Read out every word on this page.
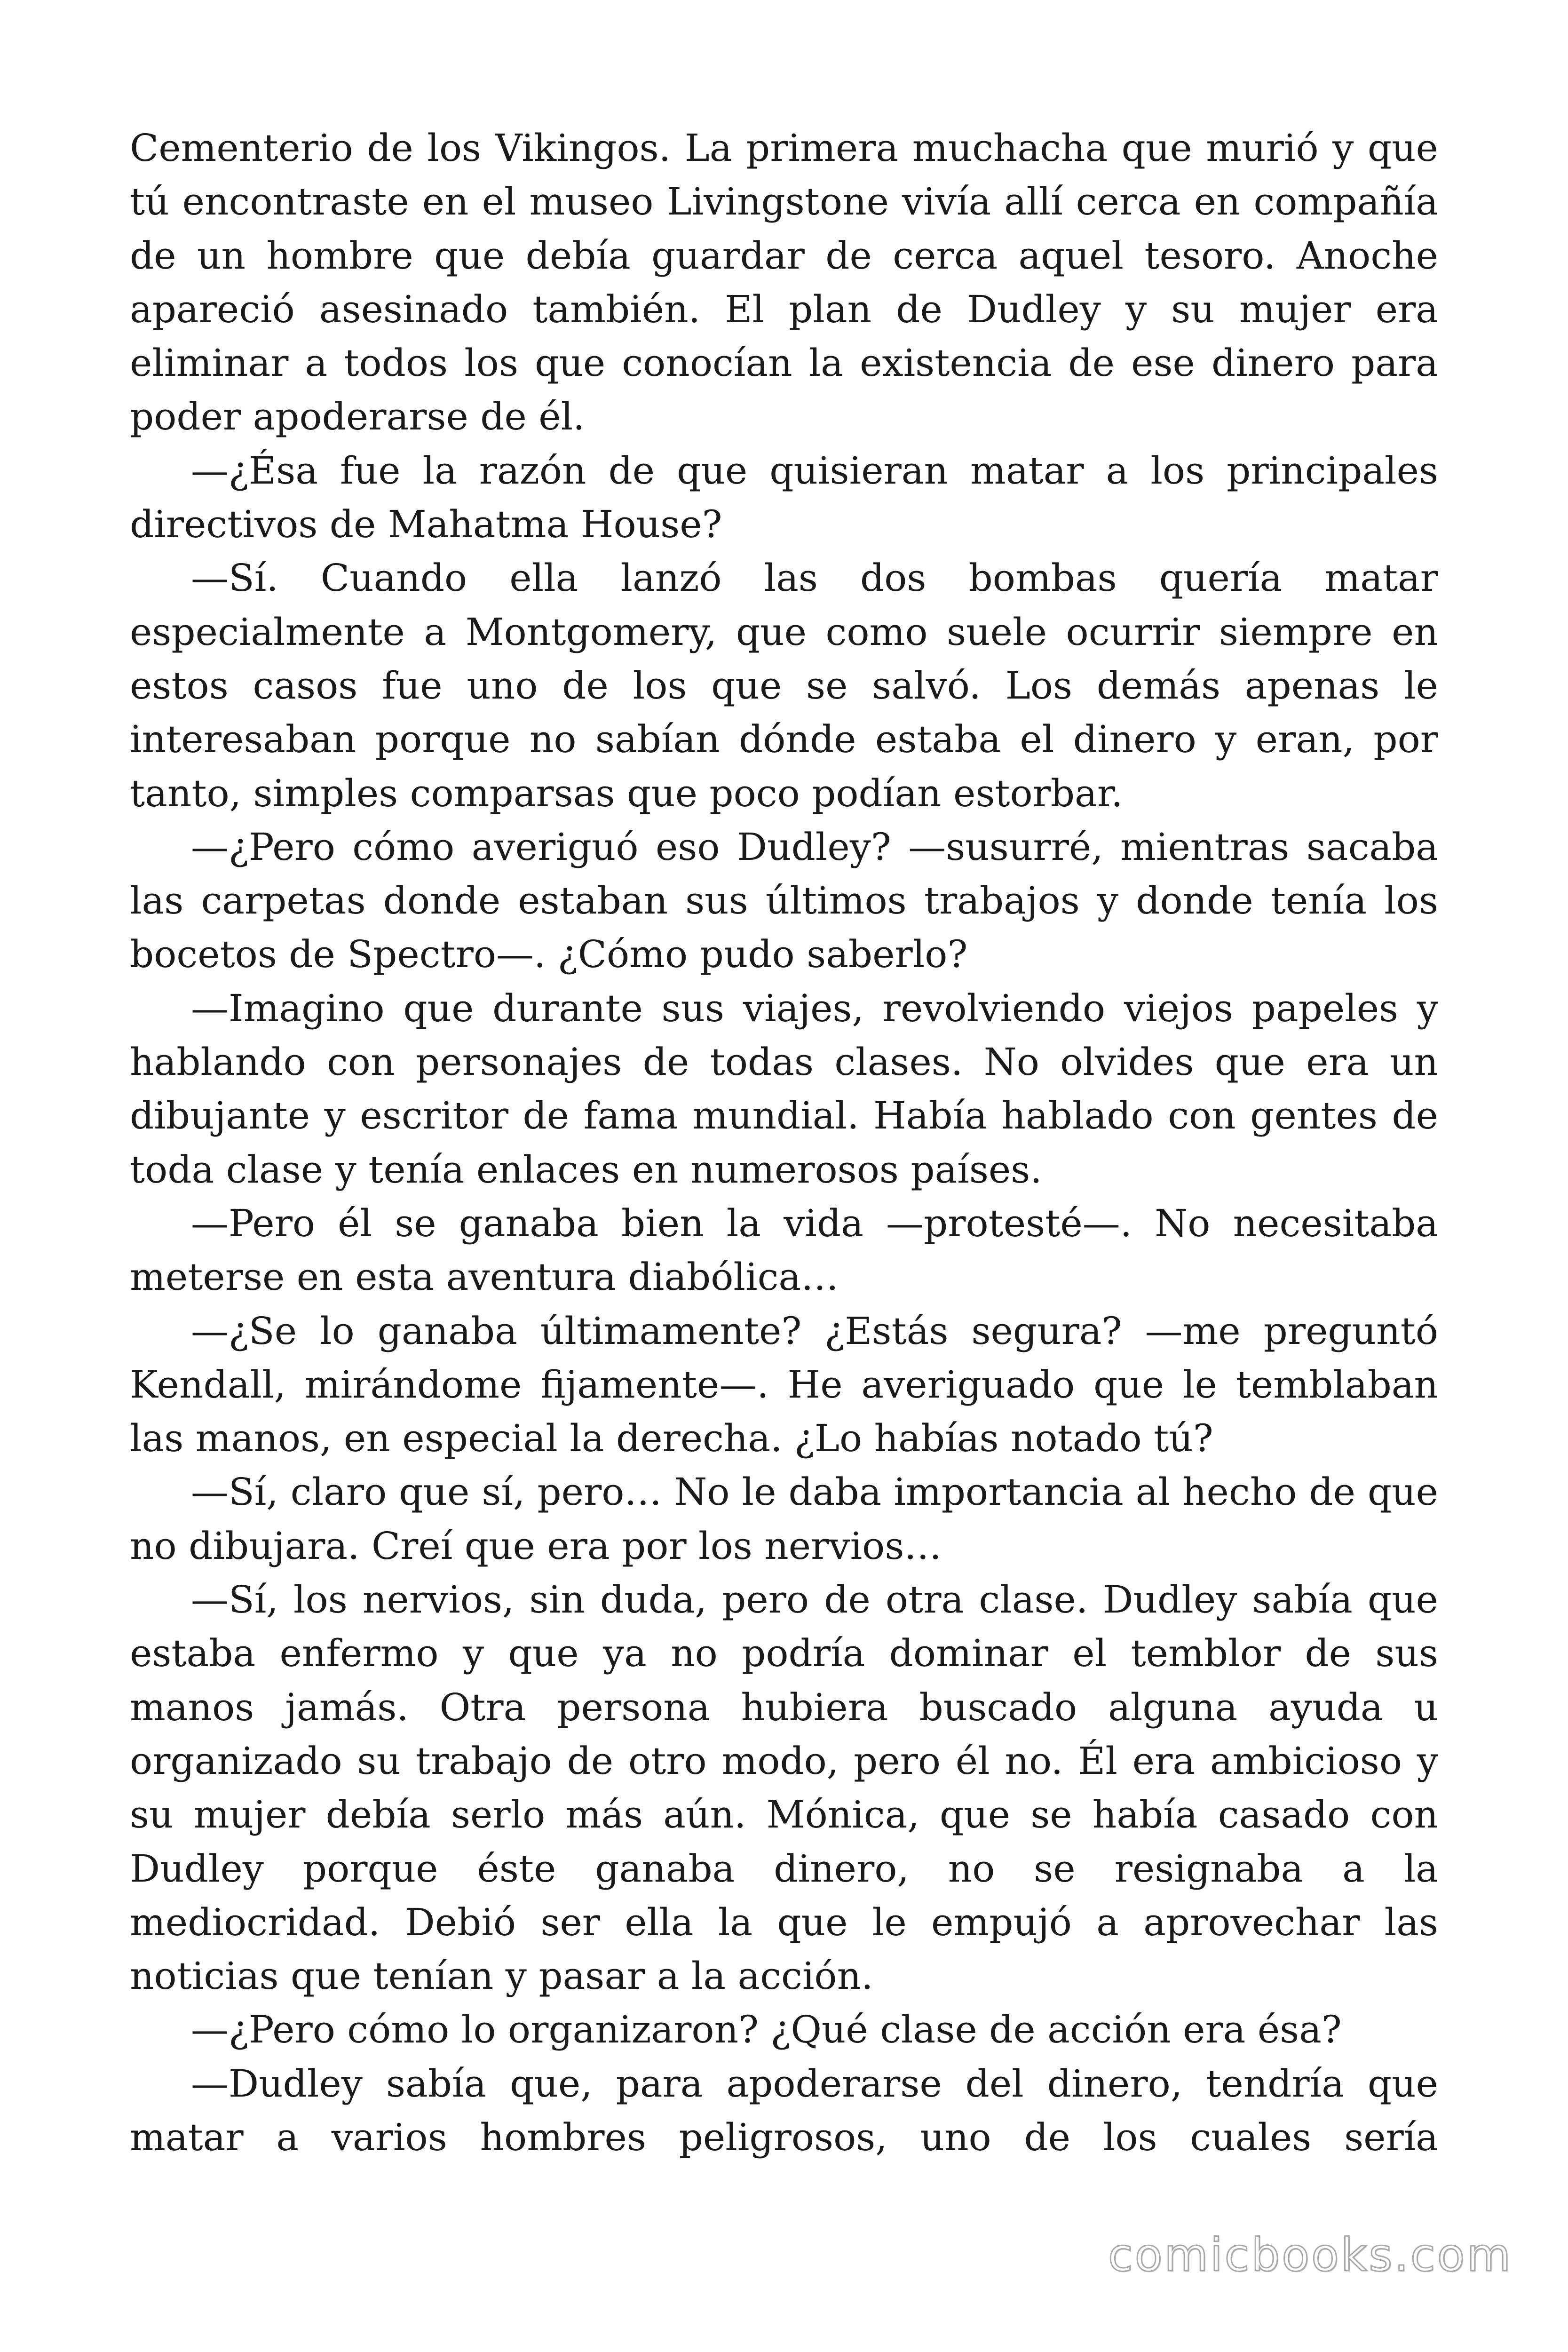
Cementerio de los Vikingos. La primera muchacha que murió y que tú encontraste en el museo Livingstone vivía allí cerca en compañía de un hombre que debía guardar de cerca aquel tesoro. Anoche apareció asesinado también. El plan de Dudley y su mujer era eliminar a todos los que conocían la existencia de ese dinero para poder apoderarse de él.

—¿Ésa fue la razón de que quisieran matar a los principales directivos de Mahatma House?

—Sí. Cuando ella lanzó las dos bombas quería matar especialmente a Montgomery, que como suele ocurrir siempre en estos casos fue uno de los que se salvó. Los demás apenas le interesaban porque no sabían dónde estaba el dinero y eran, por tanto, simples comparsas que poco podían estorbar.

—¿Pero cómo averiguó eso Dudley? —susurré, mientras sacaba las carpetas donde estaban sus últimos trabajos y donde tenía los bocetos de Spectro—. ¿Cómo pudo saberlo?

—Imagino que durante sus viajes, revolviendo viejos papeles y hablando con personajes de todas clases. No olvides que era un dibujante y escritor de fama mundial. Había hablado con gentes de toda clase y tenía enlaces en numerosos países.

—Pero él se ganaba bien la vida —protesté—. No necesitaba meterse en esta aventura diabólica…

—¿Se lo ganaba últimamente? ¿Estás segura? —me preguntó Kendall, mirándome fijamente—. He averiguado que le temblaban las manos, en especial la derecha. ¿Lo habías notado tú?

—Sí, claro que sí, pero… No le daba importancia al hecho de que no dibujara. Creí que era por los nervios…

—Sí, los nervios, sin duda, pero de otra clase. Dudley sabía que estaba enfermo y que ya no podría dominar el temblor de sus manos jamás. Otra persona hubiera buscado alguna ayuda u organizado su trabajo de otro modo, pero él no. Él era ambicioso y su mujer debía serlo más aún. Mónica, que se había casado con Dudley porque éste ganaba dinero, no se resignaba a la mediocridad. Debió ser ella la que le empujó a aprovechar las noticias que tenían y pasar a la acción.

—¿Pero cómo lo organizaron? ¿Qué clase de acción era ésa?

—Dudley sabía que, para apoderarse del dinero, tendría que matar a varios hombres peligrosos, uno de los cuales sería

comicbooks.com
